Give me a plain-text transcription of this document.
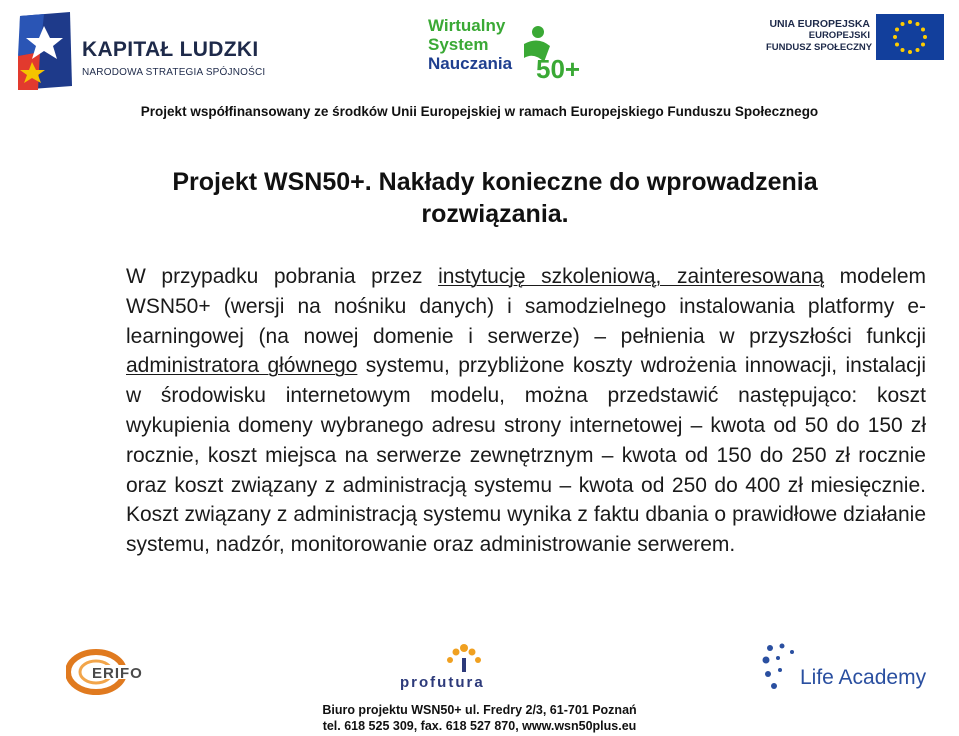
KAPITAŁ LUDZKI
NARODOWA STRATEGIA SPÓJNOŚCI
Wirtualny
System
Nauczania 50+
UNIA EUROPEJSKA
EUROPEJSKI
FUNDUSZ SPOŁECZNY
Projekt współfinansowany ze środków Unii Europejskiej w ramach Europejskiego Funduszu Społecznego
Projekt WSN50+. Nakłady konieczne do wprowadzenia
rozwiązania.
W przypadku pobrania przez instytucję szkoleniową, zainteresowaną modelem WSN50+ (wersji na nośniku danych) i samodzielnego instalowania platformy e-learningowej (na nowej domenie i serwerze) – pełnienia w przyszłości funkcji administratora głównego systemu, przybliżone koszty wdrożenia innowacji, instalacji w środowisku internetowym modelu, można przedstawić następująco: koszt wykupienia domeny wybranego adresu strony internetowej – kwota od 50 do 150 zł rocznie, koszt miejsca na serwerze zewnętrznym – kwota od 150 do 250 zł rocznie oraz koszt związany z administracją systemu – kwota od 250 do 400 zł miesięcznie. Koszt związany z administracją systemu wynika z faktu dbania o prawidłowe działanie systemu, nadzór, monitorowanie oraz administrowanie serwerem.
ERIFO
profutura	Life Academy
Biuro projektu WSN50+ ul. Fredry 2/3, 61-701 Poznań
tel. 618 525 309, fax. 618 527 870, www.wsn50plus.eu
